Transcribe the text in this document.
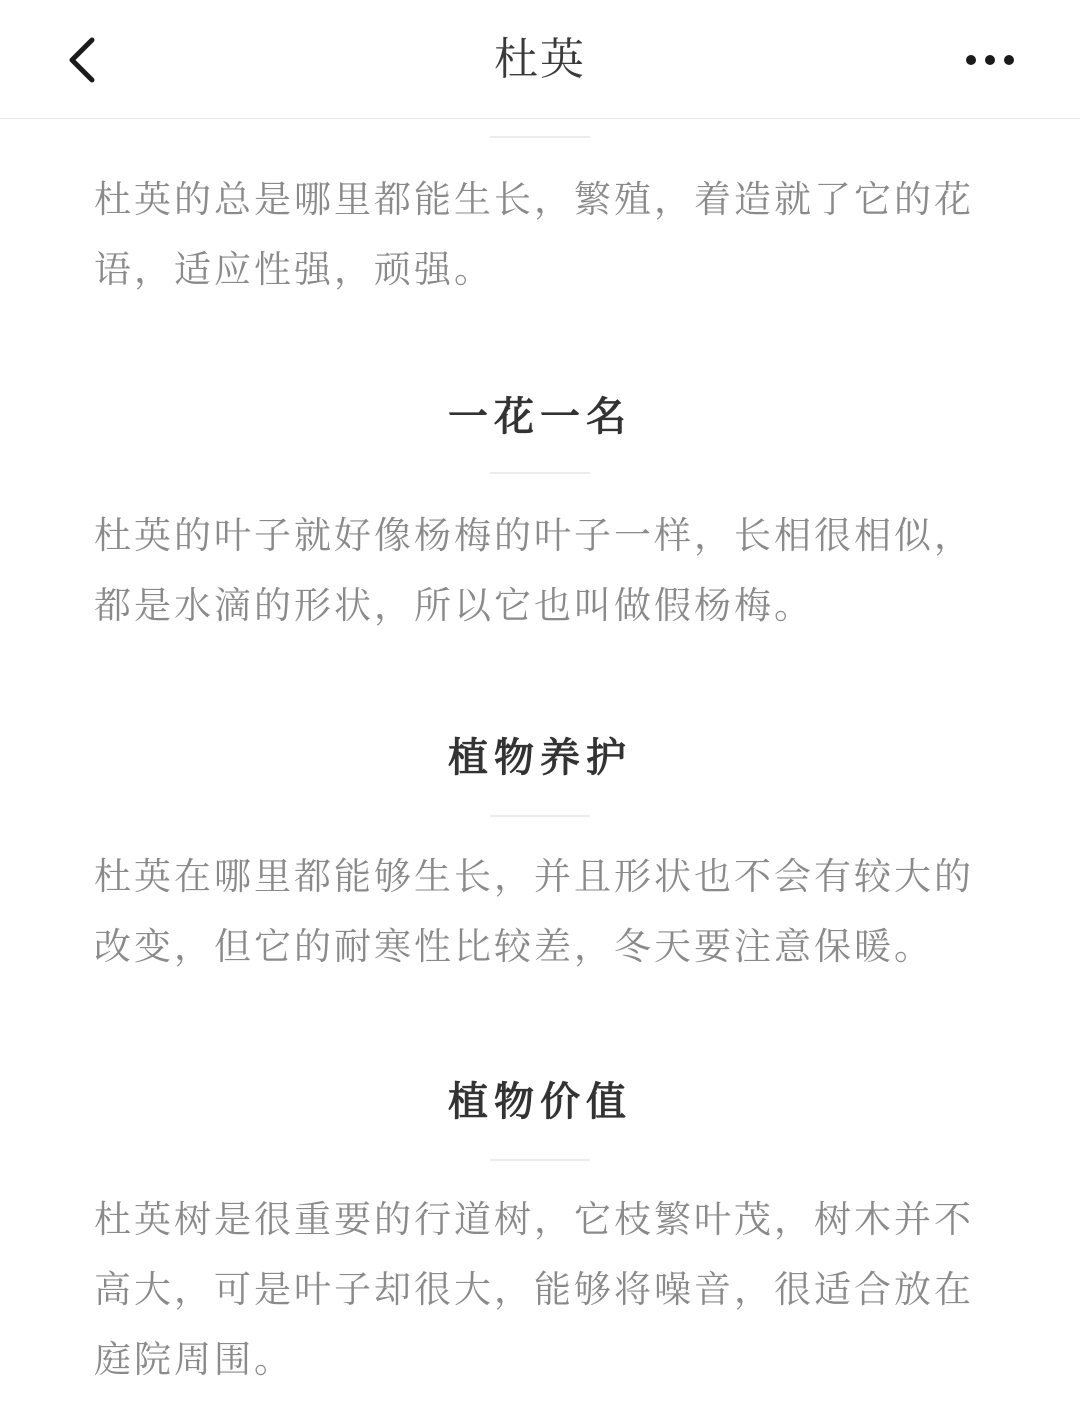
杜英

杜英的总是哪里都能生长，繁殖，着造就了它的花语，适应性强，顽强。

一花一名

杜英的叶子就好像杨梅的叶子一样，长相很相似，都是水滴的形状，所以它也叫做假杨梅。

植物养护

杜英在哪里都能够生长，并且形状也不会有较大的改变，但它的耐寒性比较差，冬天要注意保暖。

植物价值

杜英树是很重要的行道树，它枝繁叶茂，树木并不高大，可是叶子却很大，能够将噪音，很适合放在庭院周围。
